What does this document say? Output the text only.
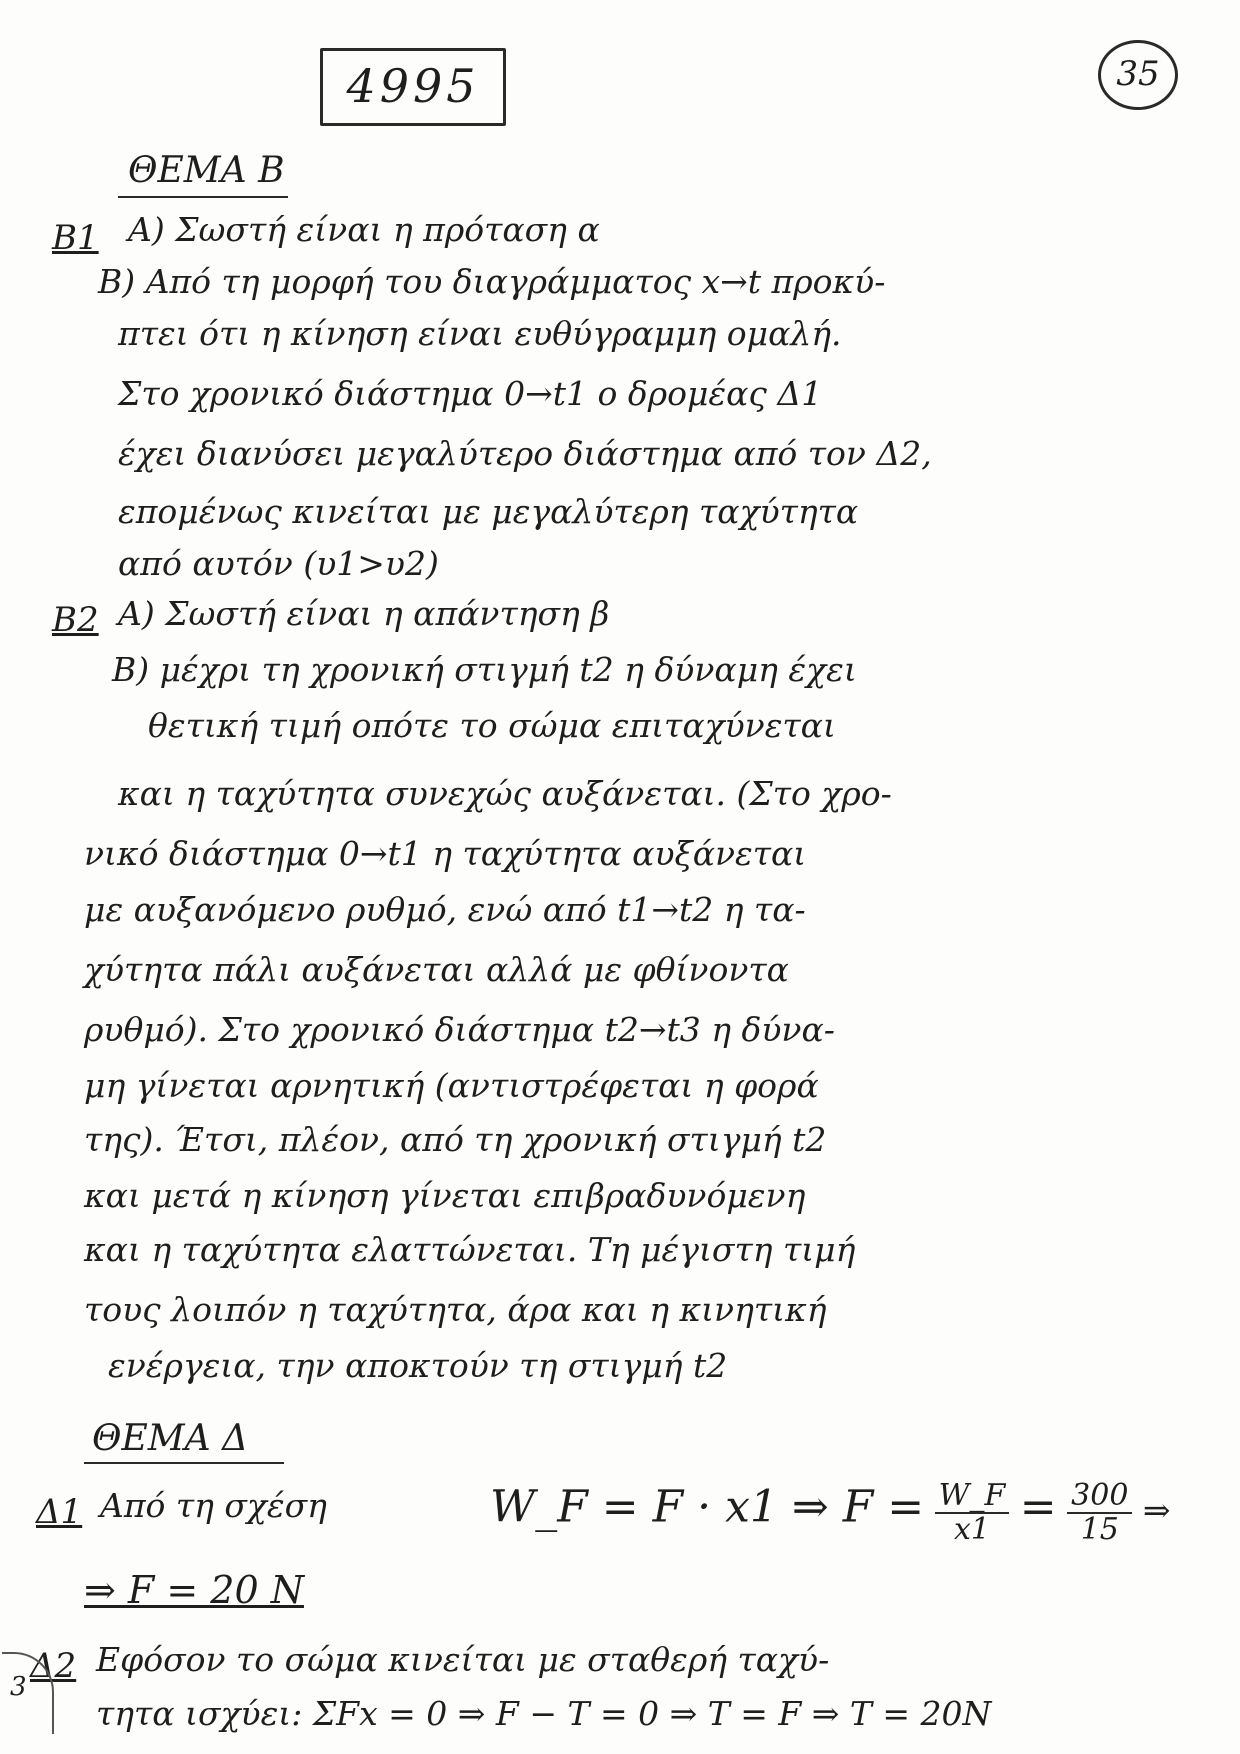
4995	35
ΘΕΜΑ Β
Β1 Α) Σωστή είναι η πρόταση α
Β) Από τη μορφή του διαγράμματος x→t προκύ-
πτει ότι η κίνηση είναι ευθύγραμμη ομαλή.
Στο χρονικό διάστημα 0→t1 ο δρομέας Δ1
έχει διανύσει μεγαλύτερο διάστημα από τον Δ2,
επομένως κινείται με μεγαλύτερη ταχύτητα
από αυτόν (υ1>υ2)
Β2 Α) Σωστή είναι η απάντηση β
Β) μέχρι τη χρονική στιγμή t2 η δύναμη έχει
θετική τιμή οπότε το σώμα επιταχύνεται
και η ταχύτητα συνεχώς αυξάνεται. (Στο χρο-
νικό διάστημα 0→t1 η ταχύτητα αυξάνεται
με αυξανόμενο ρυθμό, ενώ από t1→t2 η τα-
χύτητα πάλι αυξάνεται αλλά με φθίνοντα
ρυθμό). Στο χρονικό διάστημα t2→t3 η δύνα-
μη γίνεται αρνητική (αντιστρέφεται η φορά
της). Έτσι, πλέον, από τη χρονική στιγμή t2
και μετά η κίνηση γίνεται επιβραδυνόμενη
και η ταχύτητα ελαττώνεται. Τη μέγιστη τιμή
τους λοιπόν η ταχύτητα, άρα και η κινητική
ενέργεια, την αποκτούν τη στιγμή t2
ΘΕΜΑ Δ
Δ1 Από τη σχέση	W_F = F · x1 ⇒ $F = \frac{W\_F}{x1} = \frac{300}{15}$ ⇒
⇒ F = 20 N
Δ2 Εφόσον το σώμα κινείται με σταθερή ταχύ-
τητα ισχύει: ΣFx = 0 ⇒ F − T = 0 ⇒ T = F ⇒ T = 20N
3
